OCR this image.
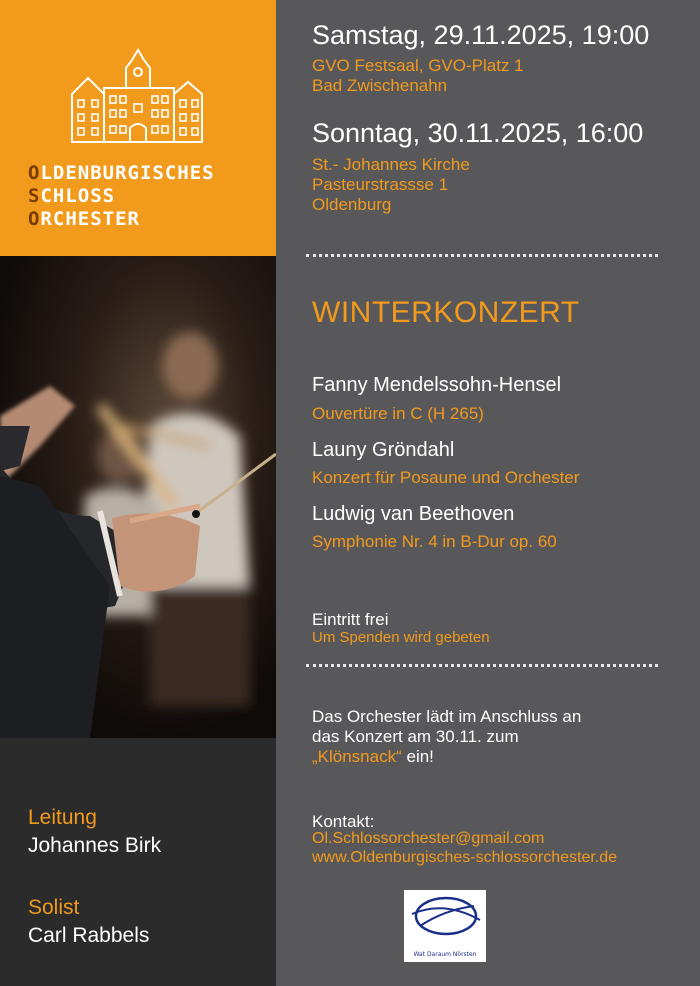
OLDENBURGISCHES
SCHLOSS
ORCHESTER
Leitung
Johannes Birk
Solist
Carl Rabbels
Samstag, 29.11.2025, 19:00
GVO Festsaal, GVO-Platz 1
Bad Zwischenahn
Sonntag, 30.11.2025, 16:00
St.- Johannes Kirche
Pasteurstrassse 1
Oldenburg
WINTERKONZERT
Fanny Mendelssohn-Hensel
Ouvertüre in C (H 265)
Launy Gröndahl
Konzert für Posaune und Orchester
Ludwig van Beethoven
Symphonie Nr. 4 in B-Dur op. 60
Eintritt frei
Um Spenden wird gebeten
Das Orchester lädt im Anschluss an
das Konzert am 30.11. zum
„Klönsnack“ ein!
Kontakt:
Ol.Schlossorchester@gmail.com
www.Oldenburgisches-schlossorchester.de
Wat Daraum Nörsten
